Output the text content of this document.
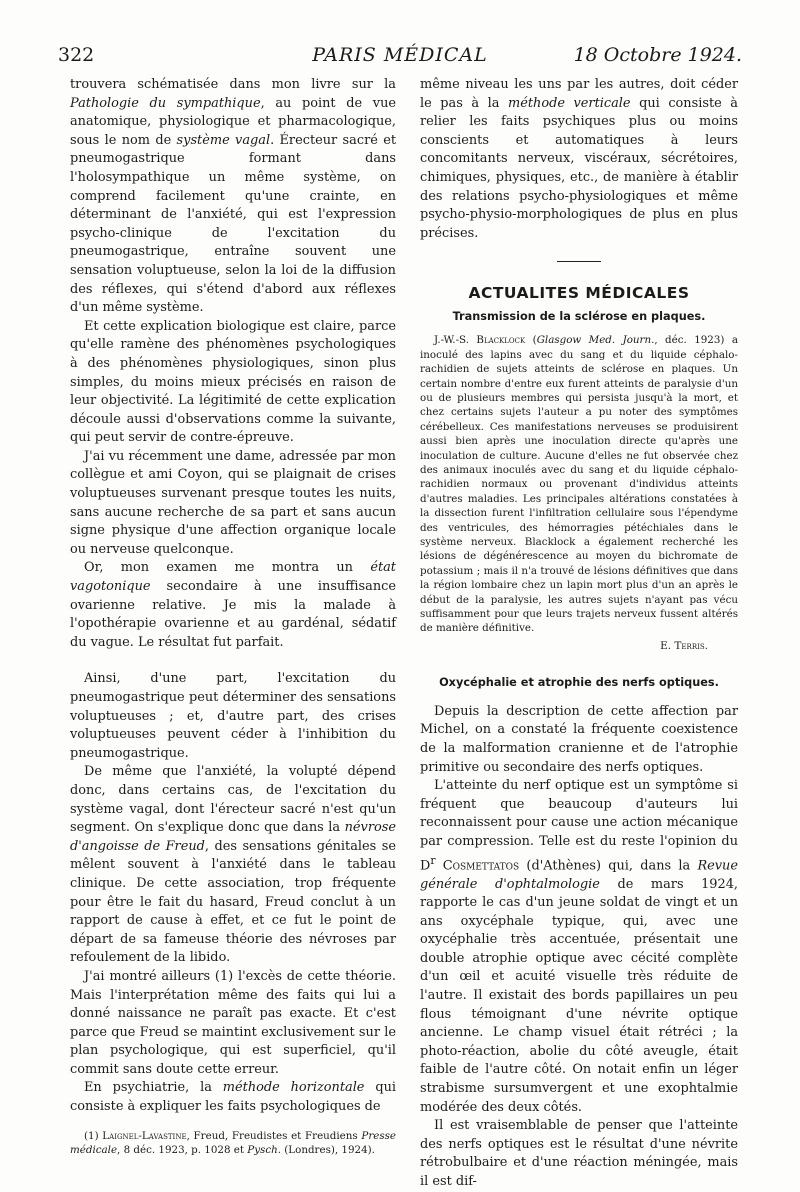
322	PARIS MÉDICAL	18 Octobre 1924.

trouvera schématisée dans mon livre sur la Pathologie du sympathique, au point de vue anatomique, physiologique et pharmacologique, sous le nom de système vagal. Érecteur sacré et pneumogastrique formant dans l'holosympathique un même système, on comprend facilement qu'une crainte, en déterminant de l'anxiété, qui est l'expression psycho-clinique de l'excitation du pneumogastrique, entraîne souvent une sensation voluptueuse, selon la loi de la diffusion des réflexes, qui s'étend d'abord aux réflexes d'un même système.

Et cette explication biologique est claire, parce qu'elle ramène des phénomènes psychologiques à des phénomènes physiologiques, sinon plus simples, du moins mieux précisés en raison de leur objectivité. La légitimité de cette explication découle aussi d'observations comme la suivante, qui peut servir de contre-épreuve.

J'ai vu récemment une dame, adressée par mon collègue et ami Coyon, qui se plaignait de crises voluptueuses survenant presque toutes les nuits, sans aucune recherche de sa part et sans aucun signe physique d'une affection organique locale ou nerveuse quelconque.

Or, mon examen me montra un état vagotonique secondaire à une insuffisance ovarienne relative. Je mis la malade à l'opothérapie ovarienne et au gardénal, sédatif du vague. Le résultat fut parfait.

Ainsi, d'une part, l'excitation du pneumogastrique peut déterminer des sensations voluptueuses ; et, d'autre part, des crises voluptueuses peuvent céder à l'inhibition du pneumogastrique.

De même que l'anxiété, la volupté dépend donc, dans certains cas, de l'excitation du système vagal, dont l'érecteur sacré n'est qu'un segment. On s'explique donc que dans la névrose d'angoisse de Freud, des sensations génitales se mêlent souvent à l'anxiété dans le tableau clinique. De cette association, trop fréquente pour être le fait du hasard, Freud conclut à un rapport de cause à effet, et ce fut le point de départ de sa fameuse théorie des névroses par refoulement de la libido.

J'ai montré ailleurs (1) l'excès de cette théorie. Mais l'interprétation même des faits qui lui a donné naissance ne paraît pas exacte. Et c'est parce que Freud se maintint exclusivement sur le plan psychologique, qui est superficiel, qu'il commit sans doute cette erreur.

En psychiatrie, la méthode horizontale qui consiste à expliquer les faits psychologiques de

(1) Laignel-Lavastine, Freud, Freudistes et Freudiens Presse médicale, 8 déc. 1923, p. 1028 et Pysch. (Londres), 1924).

même niveau les uns par les autres, doit céder le pas à la méthode verticale qui consiste à relier les faits psychiques plus ou moins conscients et automatiques à leurs concomitants nerveux, viscéraux, sécrétoires, chimiques, physiques, etc., de manière à établir des relations psycho-physiologiques et même psycho-physio-morphologiques de plus en plus précises.

ACTUALITES MÉDICALES
Transmission de la sclérose en plaques.

J.-W.-S. Blacklock (Glasgow Med. Journ., déc. 1923) a inoculé des lapins avec du sang et du liquide céphalo-rachidien de sujets atteints de sclérose en plaques. Un certain nombre d'entre eux furent atteints de paralysie d'un ou de plusieurs membres qui persista jusqu'à la mort, et chez certains sujets l'auteur a pu noter des symptômes cérébelleux. Ces manifestations nerveuses se produisirent aussi bien après une inoculation directe qu'après une inoculation de culture. Aucune d'elles ne fut observée chez des animaux inoculés avec du sang et du liquide céphalo-rachidien normaux ou provenant d'individus atteints d'autres maladies. Les principales altérations constatées à la dissection furent l'infiltration cellulaire sous l'épendyme des ventricules, des hémorragies pétéchiales dans le système nerveux. Blacklock a également recherché les lésions de dégénérescence au moyen du bichromate de potassium ; mais il n'a trouvé de lésions définitives que dans la région lombaire chez un lapin mort plus d'un an après le début de la paralysie, les autres sujets n'ayant pas vécu suffisamment pour que leurs trajets nerveux fussent altérés de manière définitive.

E. Terris.
Oxycéphalie et atrophie des nerfs optiques.

Depuis la description de cette affection par Michel, on a constaté la fréquente coexistence de la malformation cranienne et de l'atrophie primitive ou secondaire des nerfs optiques.

L'atteinte du nerf optique est un symptôme si fréquent que beaucoup d'auteurs lui reconnaissent pour cause une action mécanique par compression. Telle est du reste l'opinion du $D^r$ Cosmettatos (d'Athènes) qui, dans la Revue générale d'ophtalmologie de mars 1924, rapporte le cas d'un jeune soldat de vingt et un ans oxycéphale typique, qui, avec une oxycéphalie très accentuée, présentait une double atrophie optique avec cécité complète d'un œil et acuité visuelle très réduite de l'autre. Il existait des bords papillaires un peu flous témoignant d'une névrite optique ancienne. Le champ visuel était rétréci ; la photo-réaction, abolie du côté aveugle, était faible de l'autre côté. On notait enfin un léger strabisme sursumvergent et une exophtalmie modérée des deux côtés.

Il est vraisemblable de penser que l'atteinte des nerfs optiques est le résultat d'une névrite rétrobulbaire et d'une réaction méningée, mais il est dif-
